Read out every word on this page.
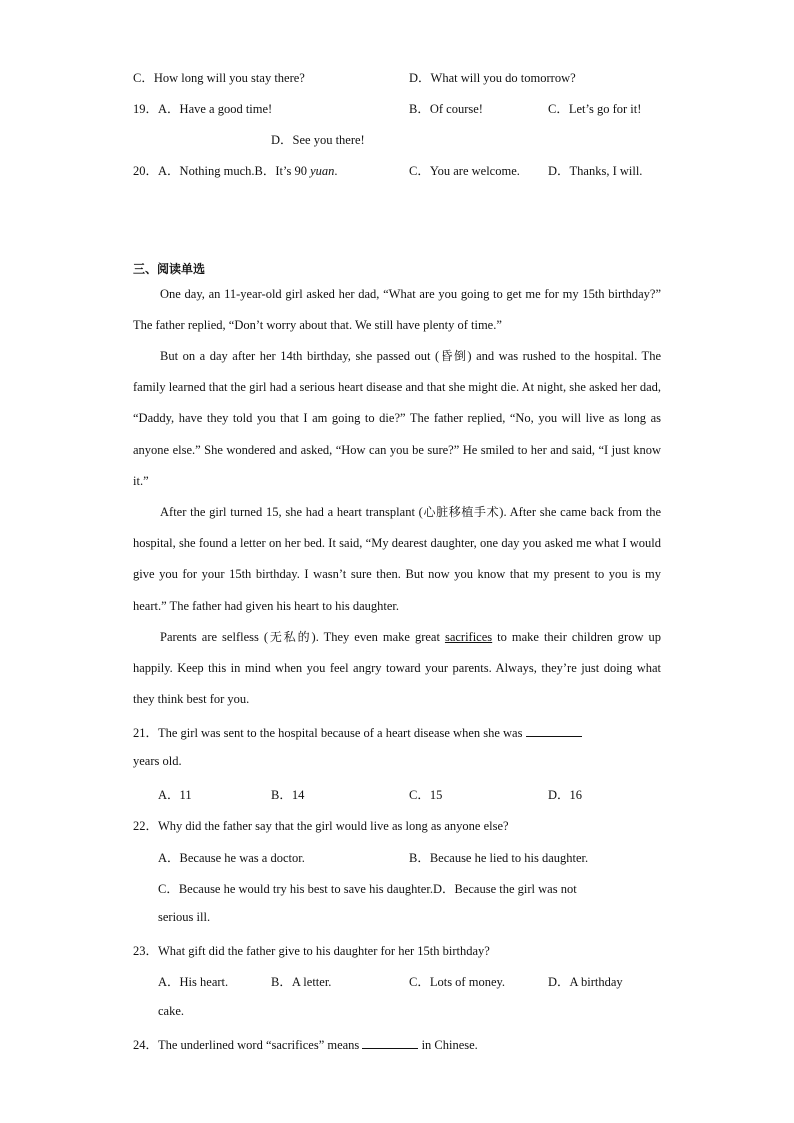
C．How long will you stay there?	D．What will you do tomorrow?
19．A．Have a good time!	B．Of course!	C．Let’s go for it!
D．See you there!
20．A．Nothing much.B．It’s 90 yuan.	C．You are welcome. D．Thanks, I will.
三、阅读单选
One day, an 11-year-old girl asked her dad, “What are you going to get me for my 15th birthday?” The father replied, “Don’t worry about that. We still have plenty of time.”
But on a day after her 14th birthday, she passed out (昏倒) and was rushed to the hospital. The family learned that the girl had a serious heart disease and that she might die. At night, she asked her dad, “Daddy, have they told you that I am going to die?” The father replied, “No, you will live as long as anyone else.” She wondered and asked, “How can you be sure?” He smiled to her and said, “I just know it.”
After the girl turned 15, she had a heart transplant (心脏移植手术). After she came back from the hospital, she found a letter on her bed. It said, “My dearest daughter, one day you asked me what I would give you for your 15th birthday. I wasn’t sure then. But now you know that my present to you is my heart.” The father had given his heart to his daughter.
Parents are selfless (无私的). They even make great sacrifices to make their children grow up happily. Keep this in mind when you feel angry toward your parents. Always, they’re just doing what they think best for you.
21．The girl was sent to the hospital because of a heart disease when she was
years old.
A．11	B．14	C．15	D．16
22．Why did the father say that the girl would live as long as anyone else?
A．Because he was a doctor.	B．Because he lied to his daughter.
C．Because he would try his best to save his daughter.D．Because the girl was not
serious ill.
23．What gift did the father give to his daughter for her 15th birthday?
A．His heart.	B．A letter.	C．Lots of money.	D．A birthday
cake.
24．The underlined word “sacrifices” means	in Chinese.
